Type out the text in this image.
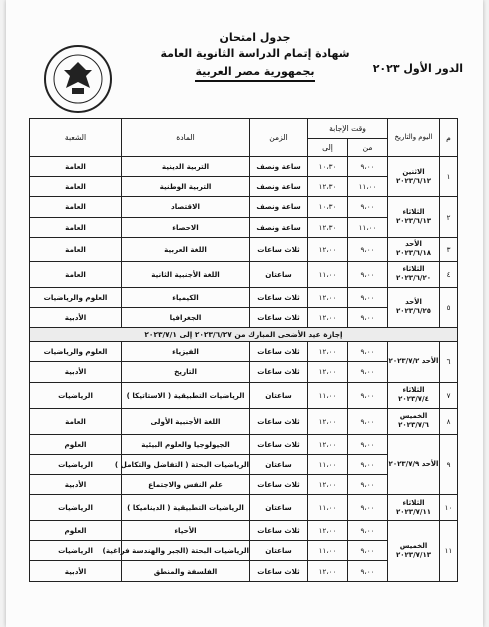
جدول امتحان
شهادة إتمام الدراسة الثانوية العامة
بجمهورية مصر العربية	الدور الأول ٢٠٢٣
م	اليوم والتاريخ	وقت الإجابة		الزمن	المادة	الشعبة
		من	إلى			
١	الاثنين ٢٠٢٣/٦/١٢	٩،٠٠	١٠،٣٠	ساعة ونصف	التربية الدينية	العامة
		١١،٠٠	١٢،٣٠	ساعة ونصف	التربية الوطنية	العامة
٢	الثلاثاء ٢٠٢٣/٦/١٣	٩،٠٠	١٠،٣٠	ساعة ونصف	الاقتصاد	العامة
		١١،٠٠	١٢،٣٠	ساعة ونصف	الاحصاء	العامة
٣	الأحد ٢٠٢٣/٦/١٨	٩،٠٠	١٢،٠٠	ثلاث ساعات	اللغة العربية	العامة
٤	الثلاثاء ٢٠٢٣/٦/٢٠	٩،٠٠	١١،٠٠	ساعتان	اللغة الأجنبية الثانية	العامة
٥	الأحد ٢٠٢٣/٦/٢٥	٩،٠٠	١٢،٠٠	ثلاث ساعات	الكيمياء	العلوم والرياضيات
		٩،٠٠	١٢،٠٠	ثلاث ساعات	الجغرافيا	الأدبية
إجازة عيد الأضحى المبارك من ٢٠٢٣/٦/٢٧ إلى ٢٠٢٣/٧/١						
٦	الأحد ٢٠٢٣/٧/٢	٩،٠٠	١٢،٠٠	ثلاث ساعات	الفيزياء	العلوم والرياضيات
		٩،٠٠	١٢،٠٠	ثلاث ساعات	التاريخ	الأدبية
٧	الثلاثاء ٢٠٢٣/٧/٤	٩،٠٠	١١،٠٠	ساعتان	الرياضيات التطبيقية ( الاستاتيكا )	الرياضيات
٨	الخميس ٢٠٢٣/٧/٦	٩،٠٠	١٢،٠٠	ثلاث ساعات	اللغة الأجنبية الأولى	العامة
٩	الأحد ٢٠٢٣/٧/٩	٩،٠٠	١٢،٠٠	ثلاث ساعات	الجيولوجيا والعلوم البيئية	العلوم
		٩،٠٠	١١،٠٠	ساعتان	الرياضيات البحتة ( التفاضل والتكامل )	الرياضيات
		٩،٠٠	١٢،٠٠	ثلاث ساعات	علم النفس والاجتماع	الأدبية
١٠	الثلاثاء ٢٠٢٣/٧/١١	٩،٠٠	١١،٠٠	ساعتان	الرياضيات التطبيقية ( الديناميكا )	الرياضيات
١١	الخميس ٢٠٢٣/٧/١٣	٩،٠٠	١٢،٠٠	ثلاث ساعات	الأحياء	العلوم
		٩،٠٠	١١،٠٠	ساعتان	الرياضيات البحتة (الجبر والهندسة فراغية)	الرياضيات
		٩،٠٠	١٢،٠٠	ثلاث ساعات	الفلسفة والمنطق	الأدبية
